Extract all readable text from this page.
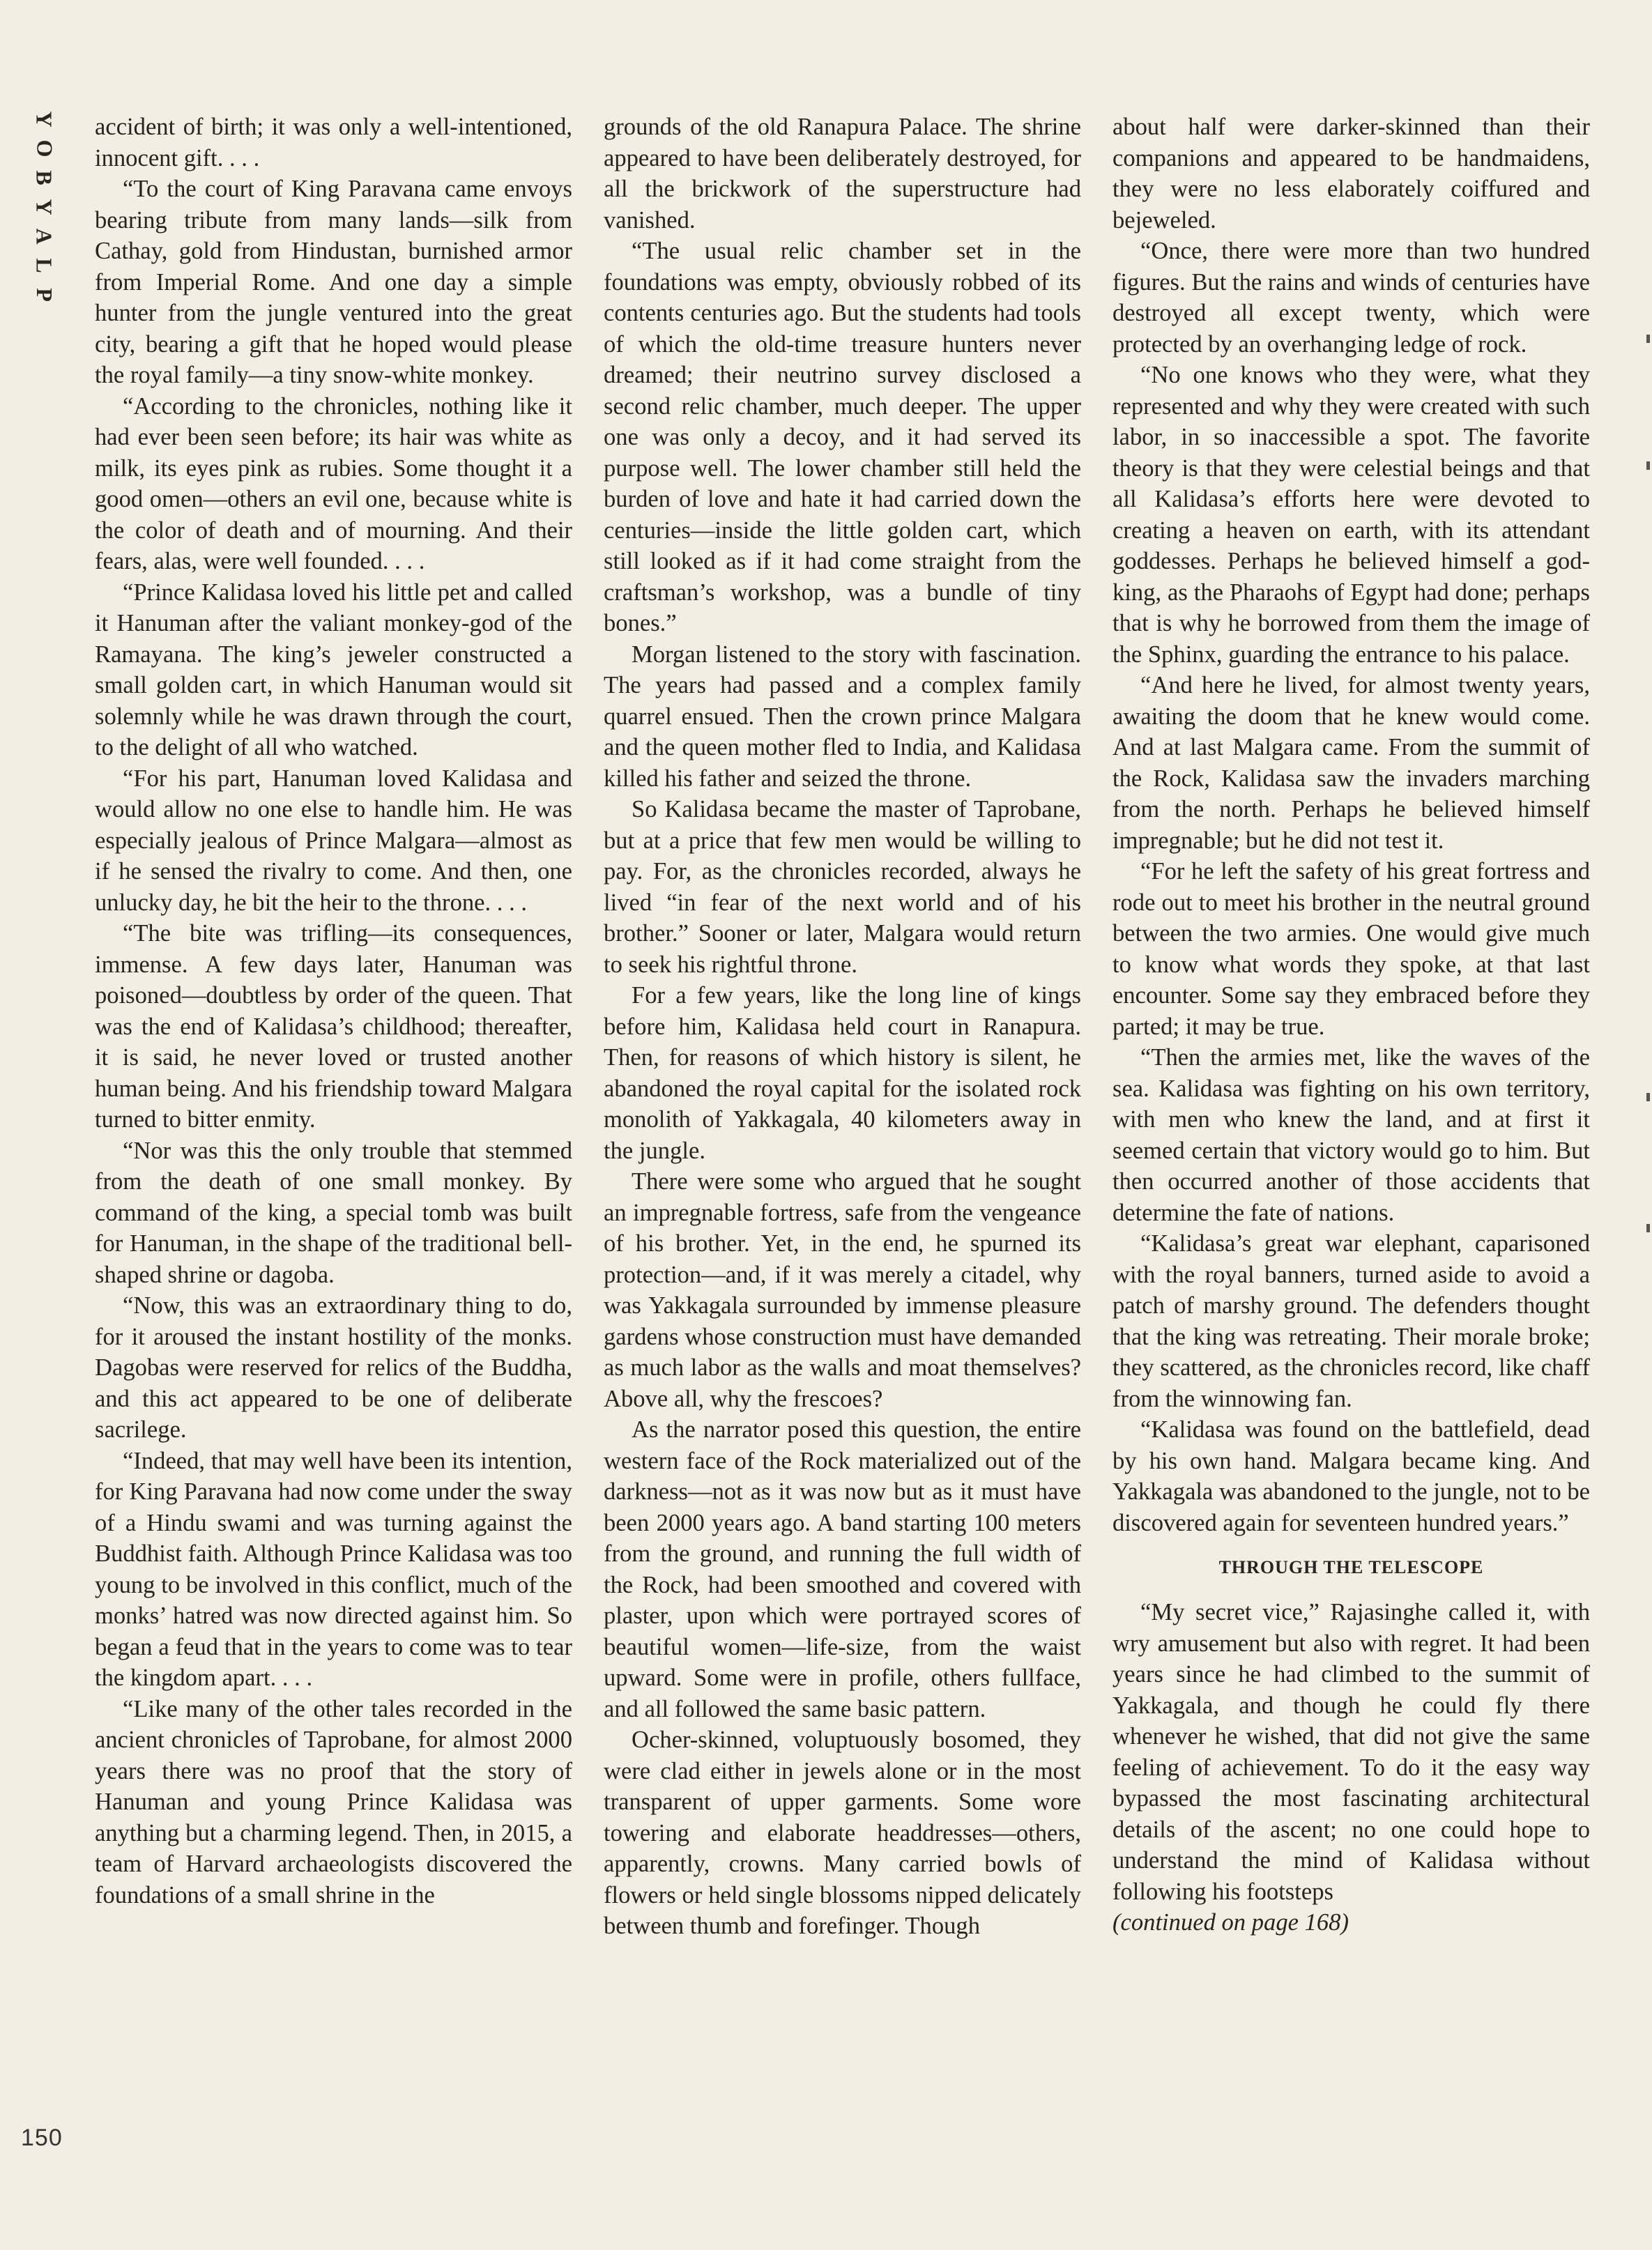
Y
O
B
Y
A
L
P

accident of birth; it was only a well-intentioned, innocent gift. . . .

“To the court of King Paravana came envoys bearing tribute from many lands—silk from Cathay, gold from Hindustan, burnished armor from Imperial Rome. And one day a simple hunter from the jungle ventured into the great city, bearing a gift that he hoped would please the royal family—a tiny snow-white monkey.

“According to the chronicles, nothing like it had ever been seen before; its hair was white as milk, its eyes pink as rubies. Some thought it a good omen—others an evil one, because white is the color of death and of mourning. And their fears, alas, were well founded. . . .

“Prince Kalidasa loved his little pet and called it Hanuman after the valiant monkey-god of the Ramayana. The king’s jeweler constructed a small golden cart, in which Hanuman would sit solemnly while he was drawn through the court, to the delight of all who watched.

“For his part, Hanuman loved Kalidasa and would allow no one else to handle him. He was especially jealous of Prince Malgara—almost as if he sensed the rivalry to come. And then, one unlucky day, he bit the heir to the throne. . . .

“The bite was trifling—its consequences, immense. A few days later, Hanuman was poisoned—doubtless by order of the queen. That was the end of Kalidasa’s childhood; thereafter, it is said, he never loved or trusted another human being. And his friendship toward Malgara turned to bitter enmity.

“Nor was this the only trouble that stemmed from the death of one small monkey. By command of the king, a special tomb was built for Hanuman, in the shape of the traditional bell-shaped shrine or dagoba.

“Now, this was an extraordinary thing to do, for it aroused the instant hostility of the monks. Dagobas were reserved for relics of the Buddha, and this act appeared to be one of deliberate sacrilege.

“Indeed, that may well have been its intention, for King Paravana had now come under the sway of a Hindu swami and was turning against the Buddhist faith. Although Prince Kalidasa was too young to be involved in this conflict, much of the monks’ hatred was now directed against him. So began a feud that in the years to come was to tear the kingdom apart. . . .

“Like many of the other tales recorded in the ancient chronicles of Taprobane, for almost 2000 years there was no proof that the story of Hanuman and young Prince Kalidasa was anything but a charming legend. Then, in 2015, a team of Harvard archaeologists discovered the foundations of a small shrine in the

grounds of the old Ranapura Palace. The shrine appeared to have been deliberately destroyed, for all the brickwork of the superstructure had vanished.

“The usual relic chamber set in the foundations was empty, obviously robbed of its contents centuries ago. But the students had tools of which the old-time treasure hunters never dreamed; their neutrino survey disclosed a second relic chamber, much deeper. The upper one was only a decoy, and it had served its purpose well. The lower chamber still held the burden of love and hate it had carried down the centuries—inside the little golden cart, which still looked as if it had come straight from the craftsman’s workshop, was a bundle of tiny bones.”

Morgan listened to the story with fascination. The years had passed and a complex family quarrel ensued. Then the crown prince Malgara and the queen mother fled to India, and Kalidasa killed his father and seized the throne.

So Kalidasa became the master of Taprobane, but at a price that few men would be willing to pay. For, as the chronicles recorded, always he lived “in fear of the next world and of his brother.” Sooner or later, Malgara would return to seek his rightful throne.

For a few years, like the long line of kings before him, Kalidasa held court in Ranapura. Then, for reasons of which history is silent, he abandoned the royal capital for the isolated rock monolith of Yakkagala, 40 kilometers away in the jungle.

There were some who argued that he sought an impregnable fortress, safe from the vengeance of his brother. Yet, in the end, he spurned its protection—and, if it was merely a citadel, why was Yakkagala surrounded by immense pleasure gardens whose construction must have demanded as much labor as the walls and moat themselves? Above all, why the frescoes?

As the narrator posed this question, the entire western face of the Rock materialized out of the darkness—not as it was now but as it must have been 2000 years ago. A band starting 100 meters from the ground, and running the full width of the Rock, had been smoothed and covered with plaster, upon which were portrayed scores of beautiful women—life-size, from the waist upward. Some were in profile, others fullface, and all followed the same basic pattern.

Ocher-skinned, voluptuously bosomed, they were clad either in jewels alone or in the most transparent of upper garments. Some wore towering and elaborate headdresses—others, apparently, crowns. Many carried bowls of flowers or held single blossoms nipped delicately between thumb and forefinger. Though

about half were darker-skinned than their companions and appeared to be handmaidens, they were no less elaborately coiffured and bejeweled.

“Once, there were more than two hundred figures. But the rains and winds of centuries have destroyed all except twenty, which were protected by an overhanging ledge of rock.

“No one knows who they were, what they represented and why they were created with such labor, in so inaccessible a spot. The favorite theory is that they were celestial beings and that all Kalidasa’s efforts here were devoted to creating a heaven on earth, with its attendant goddesses. Perhaps he believed himself a god-king, as the Pharaohs of Egypt had done; perhaps that is why he borrowed from them the image of the Sphinx, guarding the entrance to his palace.

“And here he lived, for almost twenty years, awaiting the doom that he knew would come. And at last Malgara came. From the summit of the Rock, Kalidasa saw the invaders marching from the north. Perhaps he believed himself impregnable; but he did not test it.

“For he left the safety of his great fortress and rode out to meet his brother in the neutral ground between the two armies. One would give much to know what words they spoke, at that last encounter. Some say they embraced before they parted; it may be true.

“Then the armies met, like the waves of the sea. Kalidasa was fighting on his own territory, with men who knew the land, and at first it seemed certain that victory would go to him. But then occurred another of those accidents that determine the fate of nations.

“Kalidasa’s great war elephant, caparisoned with the royal banners, turned aside to avoid a patch of marshy ground. The defenders thought that the king was retreating. Their morale broke; they scattered, as the chronicles record, like chaff from the winnowing fan.

“Kalidasa was found on the battlefield, dead by his own hand. Malgara became king. And Yakkagala was abandoned to the jungle, not to be discovered again for seventeen hundred years.”

THROUGH THE TELESCOPE

“My secret vice,” Rajasinghe called it, with wry amusement but also with regret. It had been years since he had climbed to the summit of Yakkagala, and though he could fly there whenever he wished, that did not give the same feeling of achievement. To do it the easy way bypassed the most fascinating architectural details of the ascent; no one could hope to understand the mind of Kalidasa without following his footsteps

(continued on page 168)

150
